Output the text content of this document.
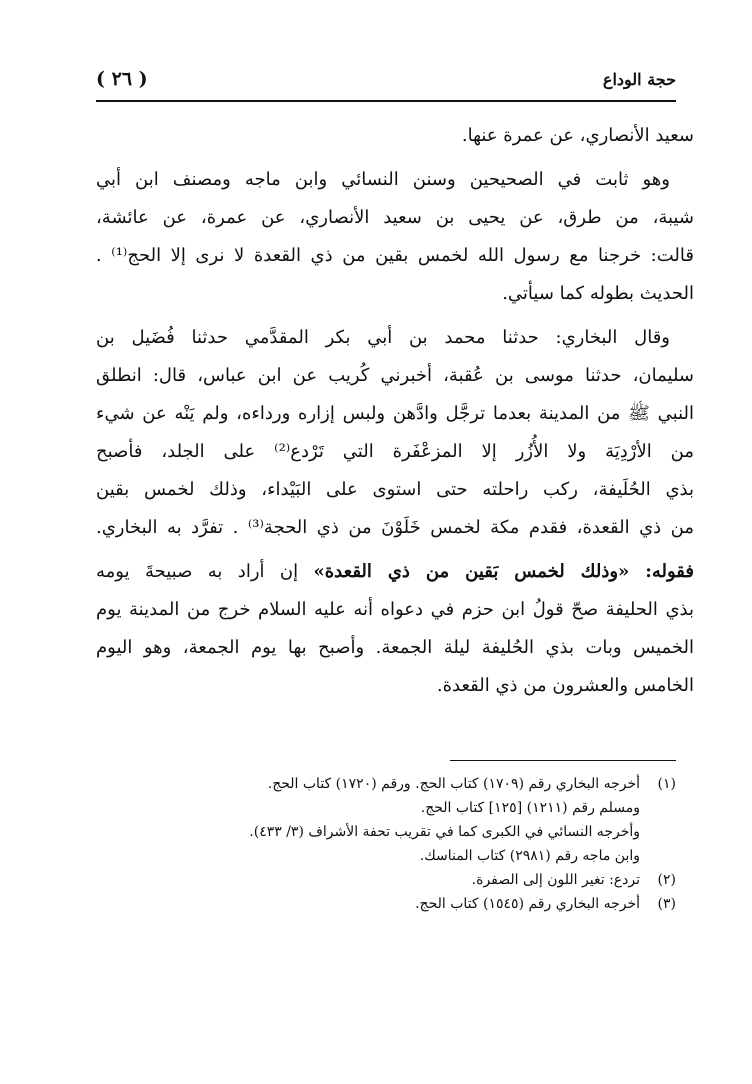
حجة الوداع
( ٢٦ )
سعيد الأنصاري، عن عمرة عنها.
وهو ثابت في الصحيحين وسنن النسائي وابن ماجه ومصنف ابن أبي
شيبة، من طرق، عن يحيى بن سعيد الأنصاري، عن عمرة، عن عائشة،
قالت: خرجنا مع رسول الله لخمس بقين من ذي القعدة لا نرى إلا الحج⁽¹⁾ .
الحديث بطوله كما سيأتي.
وقال البخاري: حدثنا محمد بن أبي بكر المقدَّمي حدثنا فُضَيل بن
سليمان، حدثنا موسى بن عُقبة، أخبرني كُريب عن ابن عباس، قال: انطلق
النبي ﷺ من المدينة بعدما ترجَّل وادَّهن ولبس إزاره ورداءه، ولم يَنْه عن شيء
من الأرْدِيَة ولا الأُزُر إلا المزعْفَرة التي تَرْدع⁽²⁾ على الجلد، فأصبح
بذي الحُلَيفة، ركب راحلته حتى استوى على البَيْداء، وذلك لخمس بقين
من ذي القعدة، فقدم مكة لخمس خَلَوْنَ من ذي الحجة⁽³⁾ . تفرَّد به البخاري.
فقوله: «وذلك لخمس بَقين من ذي القعدة» إن أراد به صبيحةَ يومه
بذي الحليفة صحّ قولُ ابن حزم في دعواه أنه عليه السلام خرج من المدينة يوم
الخميس وبات بذي الحُليفة ليلة الجمعة. وأصبح بها يوم الجمعة، وهو اليوم
الخامس والعشرون من ذي القعدة.
(١)
أخرجه البخاري رقم (١٧٠٩) كتاب الحج. ورقم (١٧٢٠) كتاب الحج.
ومسلم رقم (١٢١١) [١٢٥] كتاب الحج.
وأخرجه النسائي في الكبرى كما في تقريب تحفة الأشراف (٣/ ٤٣٣).
وابن ماجه رقم (٢٩٨١) كتاب المناسك.
(٢)
تردع: تغير اللون إلى الصفرة.
(٣)
أخرجه البخاري رقم (١٥٤٥) كتاب الحج.
